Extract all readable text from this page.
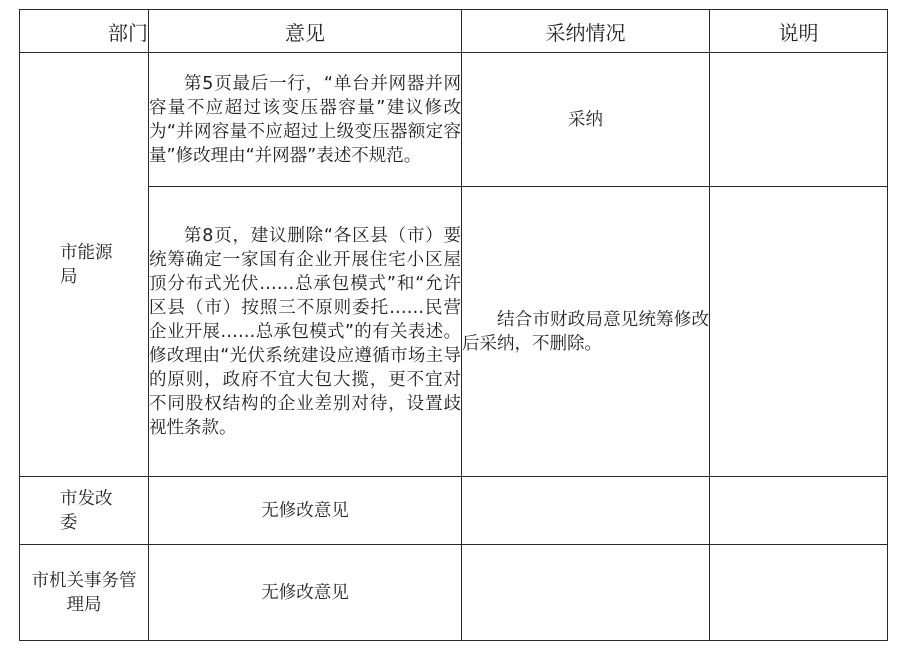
部门	意见	采纳情况	说明
市能源局	第5页最后一行，“单台并网器并网容量不应超过该变压器容量”建议修改为“并网容量不应超过上级变压器额定容量”修改理由“并网器”表述不规范。	采纳	
	第8页，建议删除“各区县（市）要统筹确定一家国有企业开展住宅小区屋顶分布式光伏……总承包模式”和“允许区县（市）按照三不原则委托……民营企业开展……总承包模式”的有关表述。修改理由“光伏系统建设应遵循市场主导的原则，政府不宜大包大揽，更不宜对不同股权结构的企业差别对待，设置歧视性条款。	结合市财政局意见统筹修改后采纳，不删除。	
市发改委	无修改意见		
市机关事务管理局	无修改意见		
